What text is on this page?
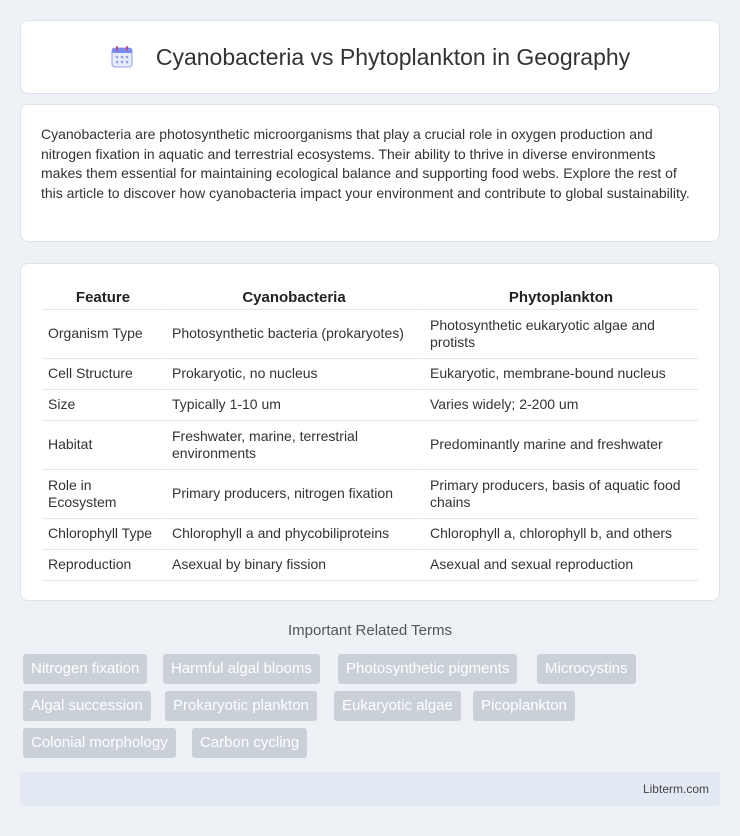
Cyanobacteria vs Phytoplankton in Geography

Cyanobacteria are photosynthetic microorganisms that play a crucial role in oxygen production and nitrogen fixation in aquatic and terrestrial ecosystems. Their ability to thrive in diverse environments makes them essential for maintaining ecological balance and supporting food webs. Explore the rest of this article to discover how cyanobacteria impact your environment and contribute to global sustainability.

Feature	Cyanobacteria	Phytoplankton
Organism Type	Photosynthetic bacteria (prokaryotes)	Photosynthetic eukaryotic algae and protists
Cell Structure	Prokaryotic, no nucleus	Eukaryotic, membrane-bound nucleus
Size	Typically 1-10 um	Varies widely; 2-200 um
Habitat	Freshwater, marine, terrestrial environments	Predominantly marine and freshwater
Role in Ecosystem	Primary producers, nitrogen fixation	Primary producers, basis of aquatic food chains
Chlorophyll Type	Chlorophyll a and phycobiliproteins	Chlorophyll a, chlorophyll b, and others
Reproduction	Asexual by binary fission	Asexual and sexual reproduction
Important Related Terms
Nitrogen fixation	Harmful algal blooms	Photosynthetic pigments	Microcystins
Algal succession	Prokaryotic plankton	Eukaryotic algae	Picoplankton
Colonial morphology	Carbon cycling
Libterm.com
